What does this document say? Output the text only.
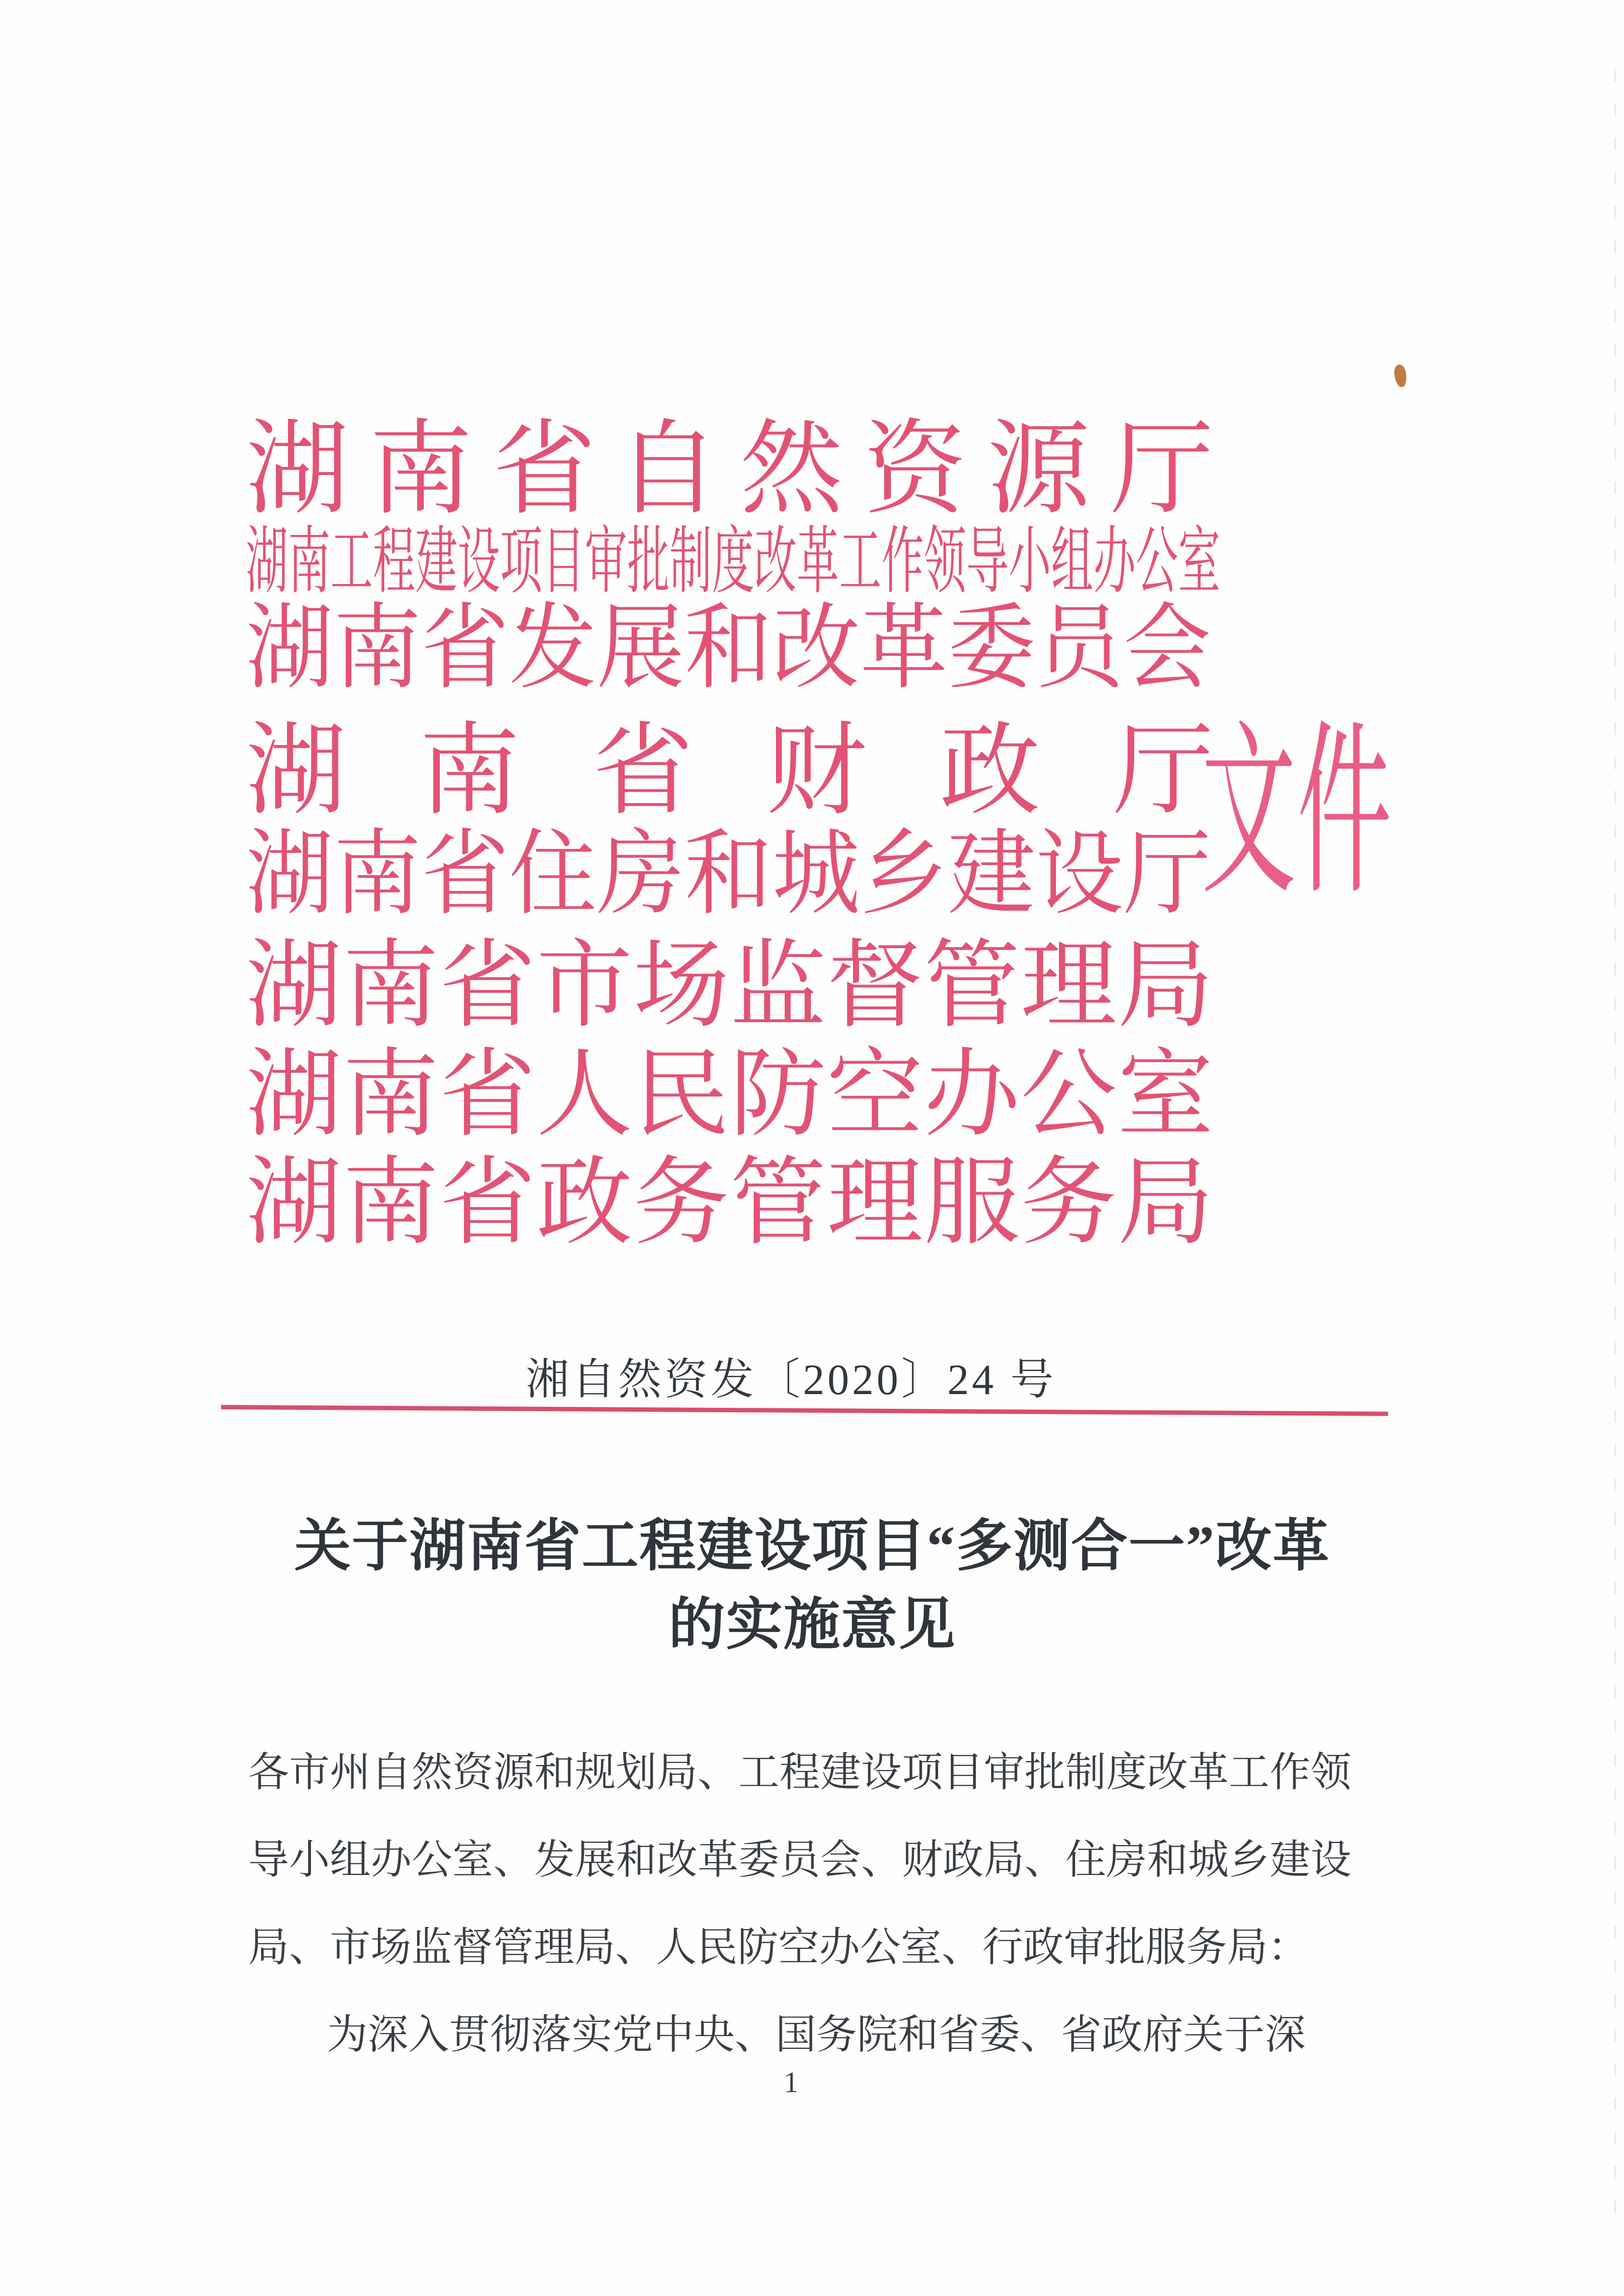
湖南省自然资源厅
湖南工程建设项目审批制度改革工作领导小组办公室
湖南省发展和改革委员会
湖南省财政厅
湖南省住房和城乡建设厅
湖南省市场监督管理局
湖南省人民防空办公室
湖南省政务管理服务局
文件
湘自然资发〔2020〕24 号
关于湖南省工程建设项目“多测合一”改革
的实施意见
各市州自然资源和规划局、工程建设项目审批制度改革工作领
导小组办公室、发展和改革委员会、财政局、住房和城乡建设
局、市场监督管理局、人民防空办公室、行政审批服务局：
为深入贯彻落实党中央、国务院和省委、省政府关于深
1
